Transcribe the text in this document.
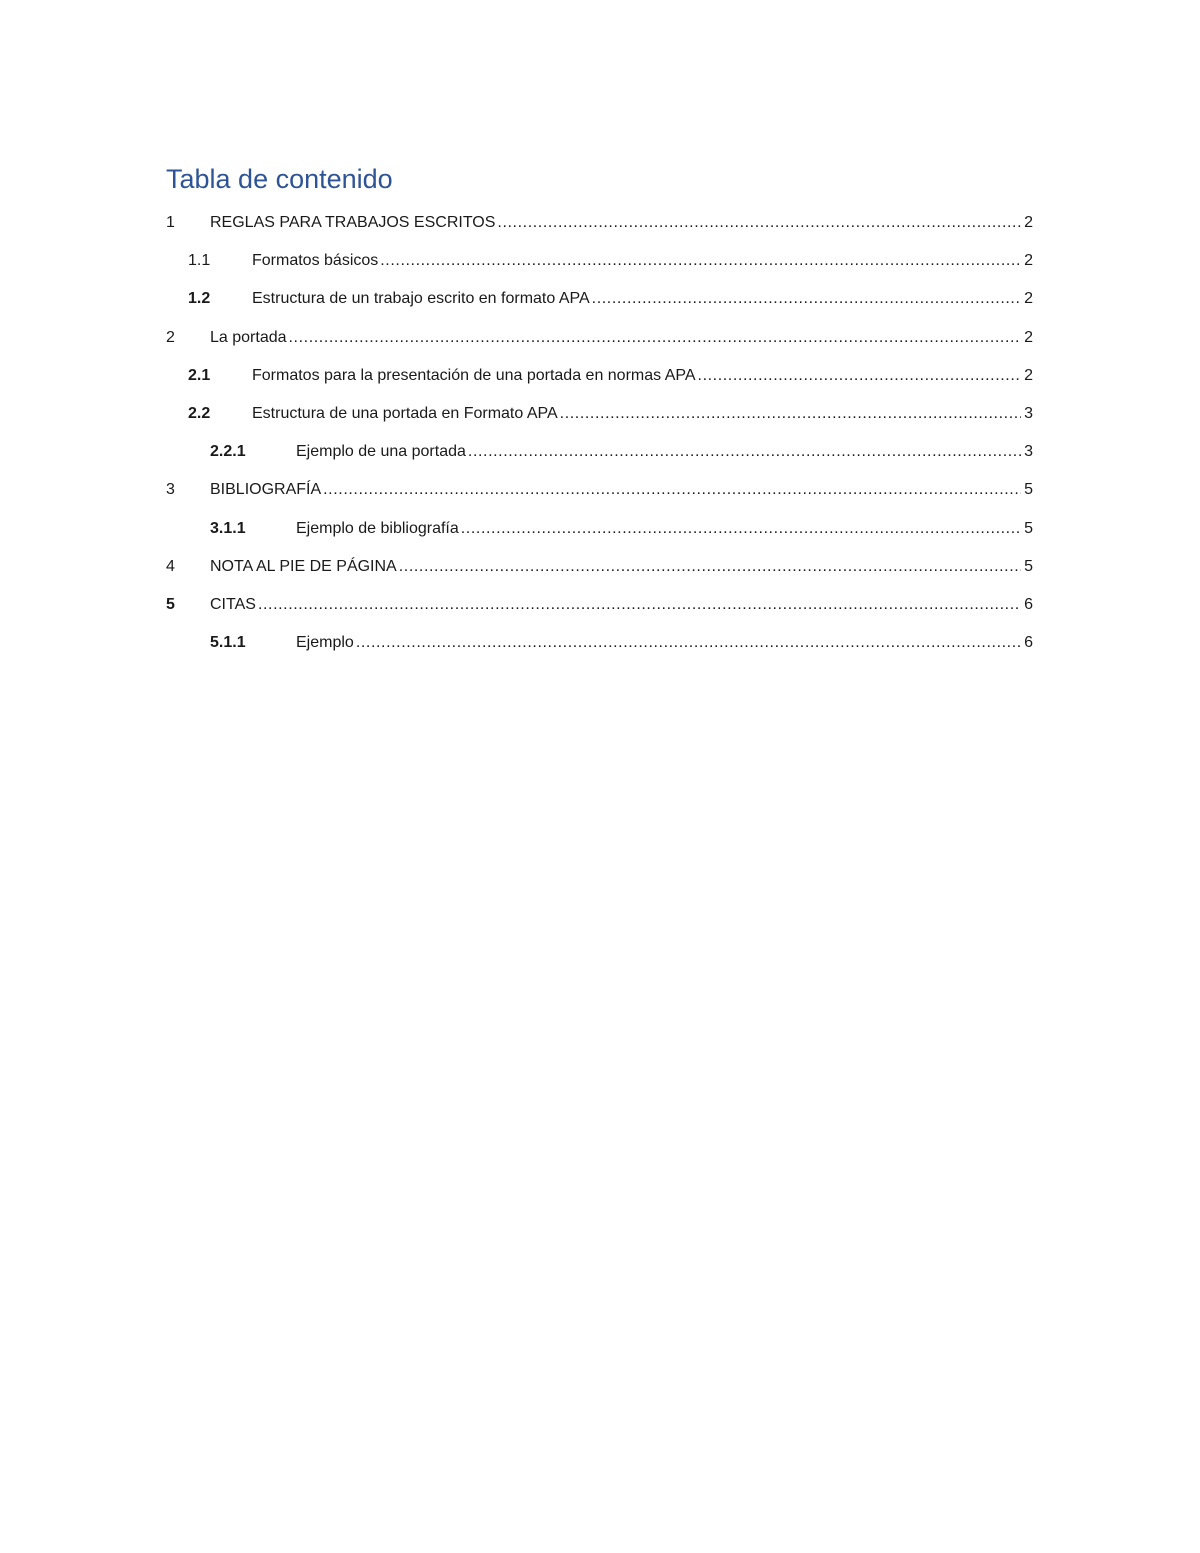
Tabla de contenido
1	REGLAS PARA TRABAJOS ESCRITOS .....	2
1.1	Formatos básicos .....	2
1.2	Estructura de un trabajo escrito en formato APA .....	2
2	La portada .....	2
2.1	Formatos para la presentación de una portada en normas APA .....	2
2.2	Estructura de una portada en Formato APA .....	3
2.2.1	Ejemplo de una portada .....	3
3	BIBLIOGRAFÍA .....	5
3.1.1	Ejemplo de bibliografía .....	5
4	NOTA AL PIE DE PÁGINA .....	5
5	CITAS .....	6
5.1.1	Ejemplo .....	6
